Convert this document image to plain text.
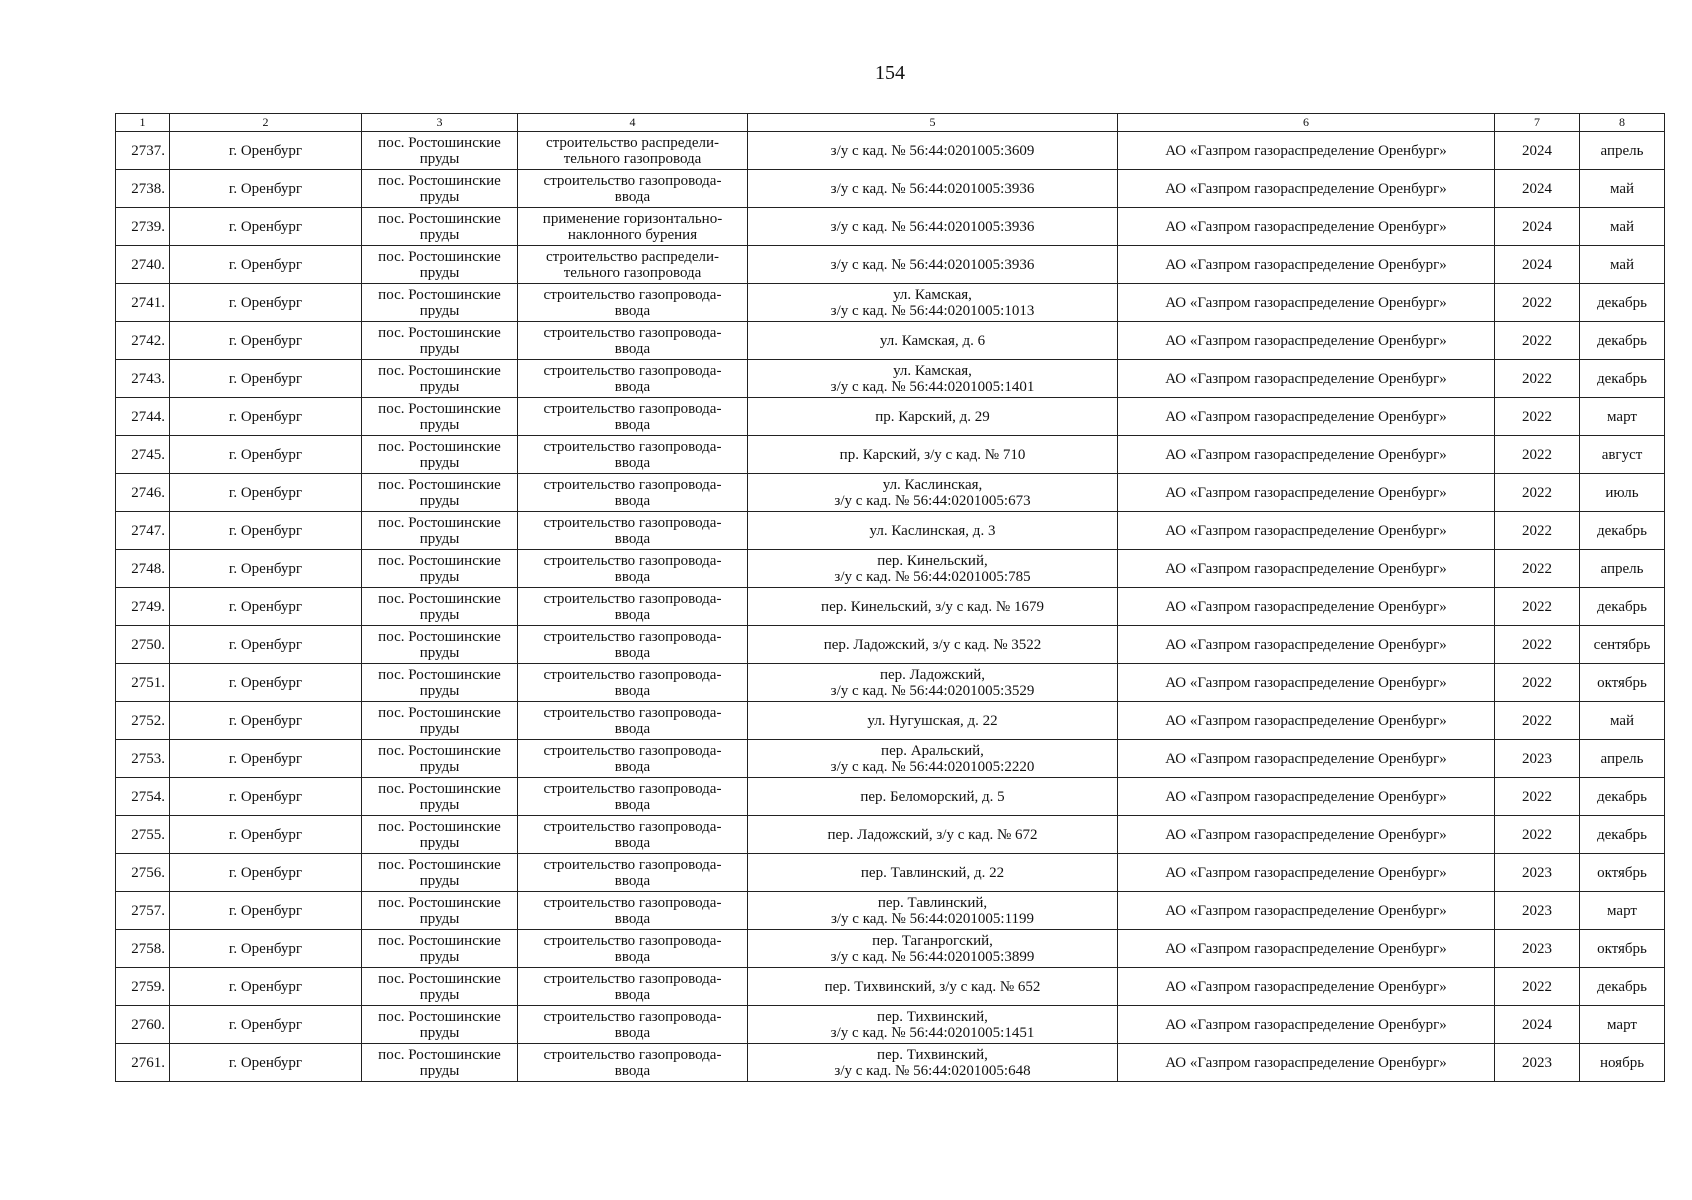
154
1	2	3	4	5	6	7	8
2737.	г. Оренбург	пос. Ростошинские
пруды	строительство распредели-
тельного газопровода	з/у с кад. № 56:44:0201005:3609	АО «Газпром газораспределение Оренбург»	2024	апрель
2738.	г. Оренбург	пос. Ростошинские
пруды	строительство газопровода-
ввода	з/у с кад. № 56:44:0201005:3936	АО «Газпром газораспределение Оренбург»	2024	май
2739.	г. Оренбург	пос. Ростошинские
пруды	применение горизонтально-
наклонного бурения	з/у с кад. № 56:44:0201005:3936	АО «Газпром газораспределение Оренбург»	2024	май
2740.	г. Оренбург	пос. Ростошинские
пруды	строительство распредели-
тельного газопровода	з/у с кад. № 56:44:0201005:3936	АО «Газпром газораспределение Оренбург»	2024	май
2741.	г. Оренбург	пос. Ростошинские
пруды	строительство газопровода-
ввода	ул. Камская,
з/у с кад. № 56:44:0201005:1013	АО «Газпром газораспределение Оренбург»	2022	декабрь
2742.	г. Оренбург	пос. Ростошинские
пруды	строительство газопровода-
ввода	ул. Камская, д. 6	АО «Газпром газораспределение Оренбург»	2022	декабрь
2743.	г. Оренбург	пос. Ростошинские
пруды	строительство газопровода-
ввода	ул. Камская,
з/у с кад. № 56:44:0201005:1401	АО «Газпром газораспределение Оренбург»	2022	декабрь
2744.	г. Оренбург	пос. Ростошинские
пруды	строительство газопровода-
ввода	пр. Карский, д. 29	АО «Газпром газораспределение Оренбург»	2022	март
2745.	г. Оренбург	пос. Ростошинские
пруды	строительство газопровода-
ввода	пр. Карский, з/у с кад. № 710	АО «Газпром газораспределение Оренбург»	2022	август
2746.	г. Оренбург	пос. Ростошинские
пруды	строительство газопровода-
ввода	ул. Каслинская,
з/у с кад. № 56:44:0201005:673	АО «Газпром газораспределение Оренбург»	2022	июль
2747.	г. Оренбург	пос. Ростошинские
пруды	строительство газопровода-
ввода	ул. Каслинская, д. 3	АО «Газпром газораспределение Оренбург»	2022	декабрь
2748.	г. Оренбург	пос. Ростошинские
пруды	строительство газопровода-
ввода	пер. Кинельский,
з/у с кад. № 56:44:0201005:785	АО «Газпром газораспределение Оренбург»	2022	апрель
2749.	г. Оренбург	пос. Ростошинские
пруды	строительство газопровода-
ввода	пер. Кинельский, з/у с кад. № 1679	АО «Газпром газораспределение Оренбург»	2022	декабрь
2750.	г. Оренбург	пос. Ростошинские
пруды	строительство газопровода-
ввода	пер. Ладожский, з/у с кад. № 3522	АО «Газпром газораспределение Оренбург»	2022	сентябрь
2751.	г. Оренбург	пос. Ростошинские
пруды	строительство газопровода-
ввода	пер. Ладожский,
з/у с кад. № 56:44:0201005:3529	АО «Газпром газораспределение Оренбург»	2022	октябрь
2752.	г. Оренбург	пос. Ростошинские
пруды	строительство газопровода-
ввода	ул. Нугушская, д. 22	АО «Газпром газораспределение Оренбург»	2022	май
2753.	г. Оренбург	пос. Ростошинские
пруды	строительство газопровода-
ввода	пер. Аральский,
з/у с кад. № 56:44:0201005:2220	АО «Газпром газораспределение Оренбург»	2023	апрель
2754.	г. Оренбург	пос. Ростошинские
пруды	строительство газопровода-
ввода	пер. Беломорский, д. 5	АО «Газпром газораспределение Оренбург»	2022	декабрь
2755.	г. Оренбург	пос. Ростошинские
пруды	строительство газопровода-
ввода	пер. Ладожский, з/у с кад. № 672	АО «Газпром газораспределение Оренбург»	2022	декабрь
2756.	г. Оренбург	пос. Ростошинские
пруды	строительство газопровода-
ввода	пер. Тавлинский, д. 22	АО «Газпром газораспределение Оренбург»	2023	октябрь
2757.	г. Оренбург	пос. Ростошинские
пруды	строительство газопровода-
ввода	пер. Тавлинский,
з/у с кад. № 56:44:0201005:1199	АО «Газпром газораспределение Оренбург»	2023	март
2758.	г. Оренбург	пос. Ростошинские
пруды	строительство газопровода-
ввода	пер. Таганрогский,
з/у с кад. № 56:44:0201005:3899	АО «Газпром газораспределение Оренбург»	2023	октябрь
2759.	г. Оренбург	пос. Ростошинские
пруды	строительство газопровода-
ввода	пер. Тихвинский, з/у с кад. № 652	АО «Газпром газораспределение Оренбург»	2022	декабрь
2760.	г. Оренбург	пос. Ростошинские
пруды	строительство газопровода-
ввода	пер. Тихвинский,
з/у с кад. № 56:44:0201005:1451	АО «Газпром газораспределение Оренбург»	2024	март
2761.	г. Оренбург	пос. Ростошинские
пруды	строительство газопровода-
ввода	пер. Тихвинский,
з/у с кад. № 56:44:0201005:648	АО «Газпром газораспределение Оренбург»	2023	ноябрь
